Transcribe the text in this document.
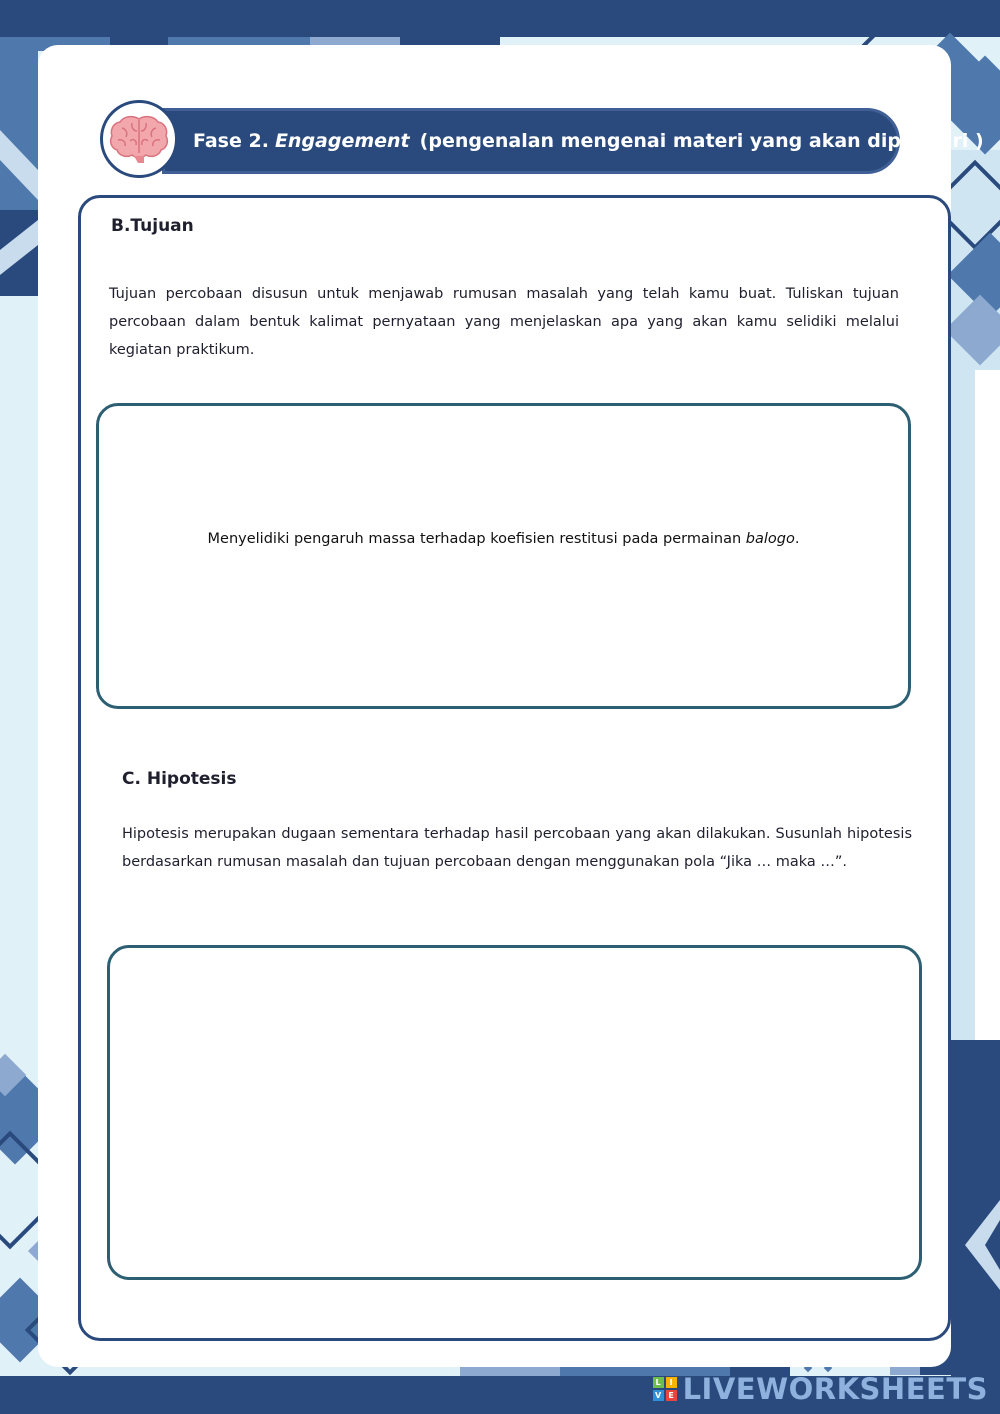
Fase 2. Engagement (pengenalan mengenai materi yang akan dipelajari )
B.Tujuan
Tujuan percobaan disusun untuk menjawab rumusan masalah yang telah kamu buat. Tuliskan tujuan percobaan dalam bentuk kalimat pernyataan yang menjelaskan apa yang akan kamu selidiki melalui kegiatan praktikum.
Menyelidiki pengaruh massa terhadap koefisien restitusi pada permainan balogo.
C. Hipotesis
Hipotesis merupakan dugaan sementara terhadap hasil percobaan yang akan dilakukan. Susunlah hipotesis berdasarkan rumusan masalah dan tujuan percobaan dengan menggunakan pola “Jika … maka …”.
L	I
V E LIVEWORKSHEETS
